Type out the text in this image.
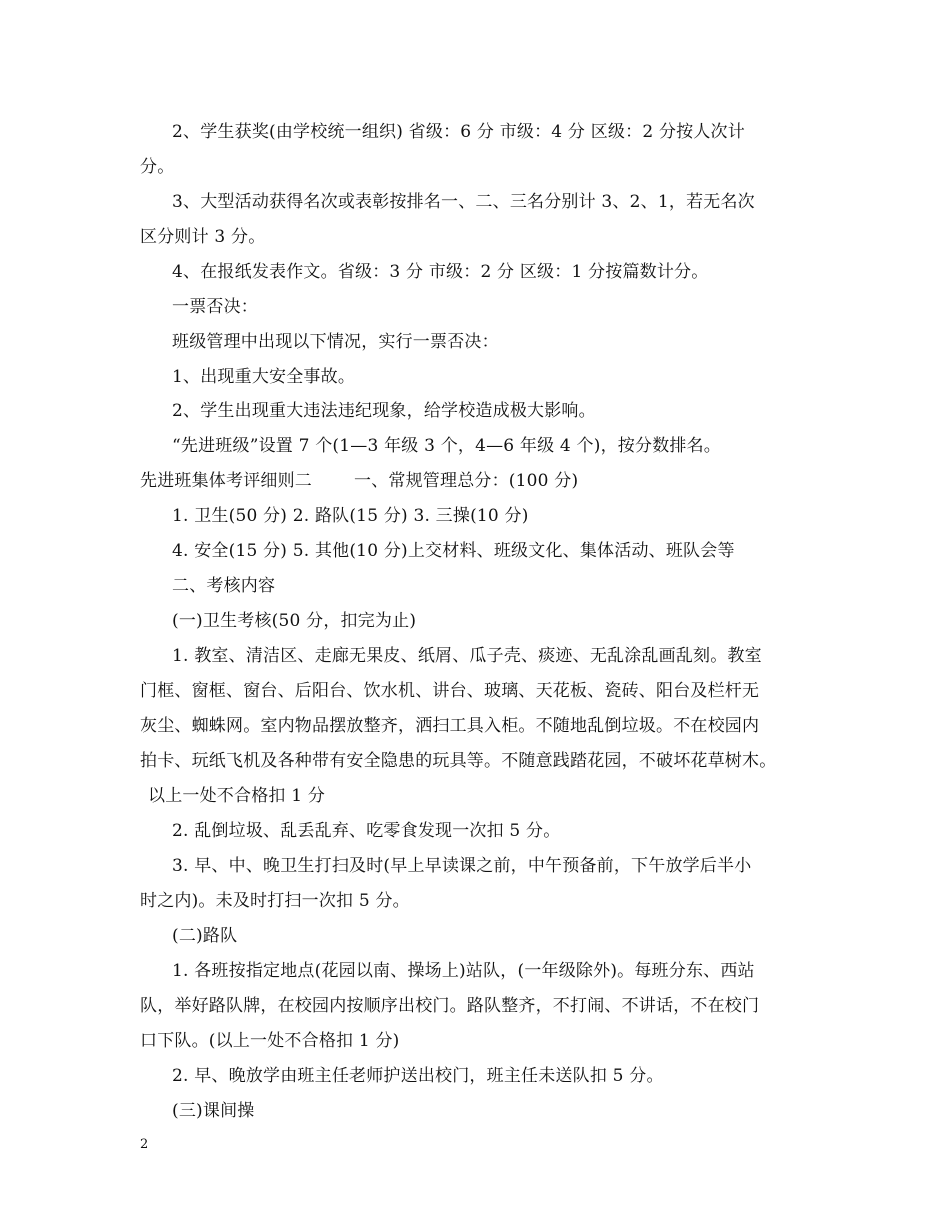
2、学生获奖(由学校统一组织) 省级：6 分 市级：4 分 区级：2 分按人次计
分。
3、大型活动获得名次或表彰按排名一、二、三名分别计 3、2、1，若无名次
区分则计 3 分。
4、在报纸发表作文。省级：3 分 市级：2 分 区级：1 分按篇数计分。
一票否决：
班级管理中出现以下情况，实行一票否决：
1、出现重大安全事故。
2、学生出现重大违法违纪现象，给学校造成极大影响。
“先进班级”设置 7 个(1—3 年级 3 个，4—6 年级 4 个)，按分数排名。
先进班集体考评细则二 一、常规管理总分：(100 分)
1. 卫生(50 分) 2. 路队(15 分) 3. 三操(10 分)
4. 安全(15 分) 5. 其他(10 分)上交材料、班级文化、集体活动、班队会等
二、考核内容
(一)卫生考核(50 分，扣完为止)
1. 教室、清洁区、走廊无果皮、纸屑、瓜子壳、痰迹、无乱涂乱画乱刻。教室
门框、窗框、窗台、后阳台、饮水机、讲台、玻璃、天花板、瓷砖、阳台及栏杆无
灰尘、蜘蛛网。室内物品摆放整齐，洒扫工具入柜。不随地乱倒垃圾。不在校园内
拍卡、玩纸飞机及各种带有安全隐患的玩具等。不随意践踏花园，不破坏花草树木。
以上一处不合格扣 1 分
2. 乱倒垃圾、乱丢乱弃、吃零食发现一次扣 5 分。
3. 早、中、晚卫生打扫及时(早上早读课之前，中午预备前，下午放学后半小
时之内)。未及时打扫一次扣 5 分。
(二)路队
1. 各班按指定地点(花园以南、操场上)站队，(一年级除外)。每班分东、西站
队，举好路队牌，在校园内按顺序出校门。路队整齐，不打闹、不讲话，不在校门
口下队。(以上一处不合格扣 1 分)
2. 早、晚放学由班主任老师护送出校门，班主任未送队扣 5 分。
(三)课间操
2
